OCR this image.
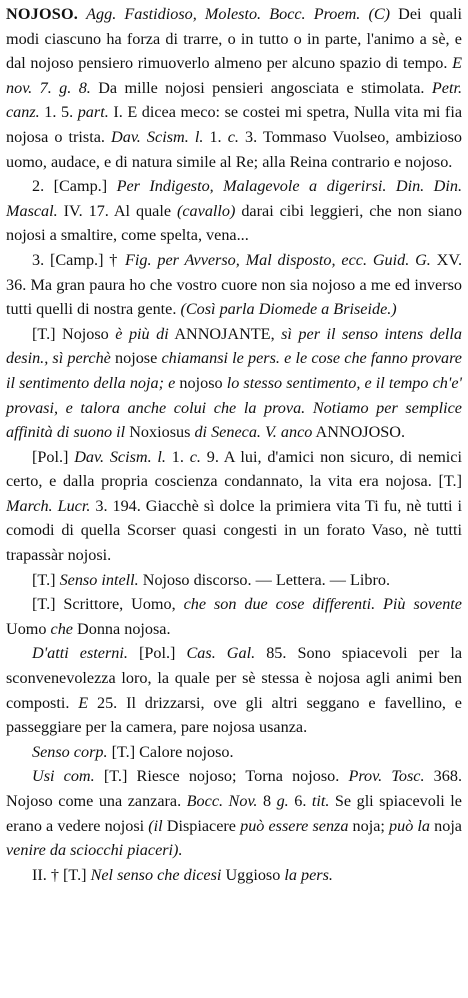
NOJOSO. Agg. Fastidioso, Molesto. Bocc. Proem. (C) Dei quali modi ciascuno ha forza di trarre, o in tutto o in parte, l'animo a sè, e dal nojoso pensiero rimuoverlo almeno per alcuno spazio di tempo. E nov. 7. g. 8. Da mille nojosi pensieri angosciata e stimolata. Petr. canz. 1. 5. part. I. E dicea meco: se costei mi spetra, Nulla vita mi fia nojosa o trista. Dav. Scism. l. 1. c. 3. Tommaso Vuolseo, ambizioso uomo, audace, e di natura simile al Re; alla Reina contrario e nojoso.

2. [Camp.] Per Indigesto, Malagevole a digerirsi. Din. Din. Mascal. IV. 17. Al quale (cavallo) darai cibi leggieri, che non siano nojosi a smaltire, come spelta, vena...

3. [Camp.] † Fig. per Avverso, Mal disposto, ecc. Guid. G. XV. 36. Ma gran paura ho che vostro cuore non sia nojoso a me ed inverso tutti quelli di nostra gente. (Così parla Diomede a Briseide.)

[T.] Nojoso è più di ANNOJANTE, sì per il senso intens della desin., sì perchè nojose chiamansi le pers. e le cose che fanno provare il sentimento della noja; e nojoso lo stesso sentimento, e il tempo ch'e' provasi, e talora anche colui che la prova. Notiamo per semplice affinità di suono il Noxiosus di Seneca. V. anco ANNOJOSO.

[Pol.] Dav. Scism. l. 1. c. 9. A lui, d'amici non sicuro, di nemici certo, e dalla propria coscienza condannato, la vita era nojosa. [T.] March. Lucr. 3. 194. Giacchè sì dolce la primiera vita Ti fu, nè tutti i comodi di quella Scorser quasi congesti in un forato Vaso, nè tutti trapassàr nojosi.

[T.] Senso intell. Nojoso discorso. — Lettera. — Libro.

[T.] Scrittore, Uomo, che son due cose differenti. Più sovente Uomo che Donna nojosa.

D'atti esterni. [Pol.] Cas. Gal. 85. Sono spiacevoli per la sconvenevolezza loro, la quale per sè stessa è nojosa agli animi ben composti. E 25. Il drizzarsi, ove gli altri seggano e favellino, e passeggiare per la camera, pare nojosa usanza.

Senso corp. [T.] Calore nojoso.

Usi com. [T.] Riesce nojoso; Torna nojoso. Prov. Tosc. 368. Nojoso come una zanzara. Bocc. Nov. 8 g. 6. tit. Se gli spiacevoli le erano a vedere nojosi (il Dispiacere può essere senza noja; può la noja venire da sciocchi piaceri).

II. † [T.] Nel senso che dicesi Uggioso la pers.
